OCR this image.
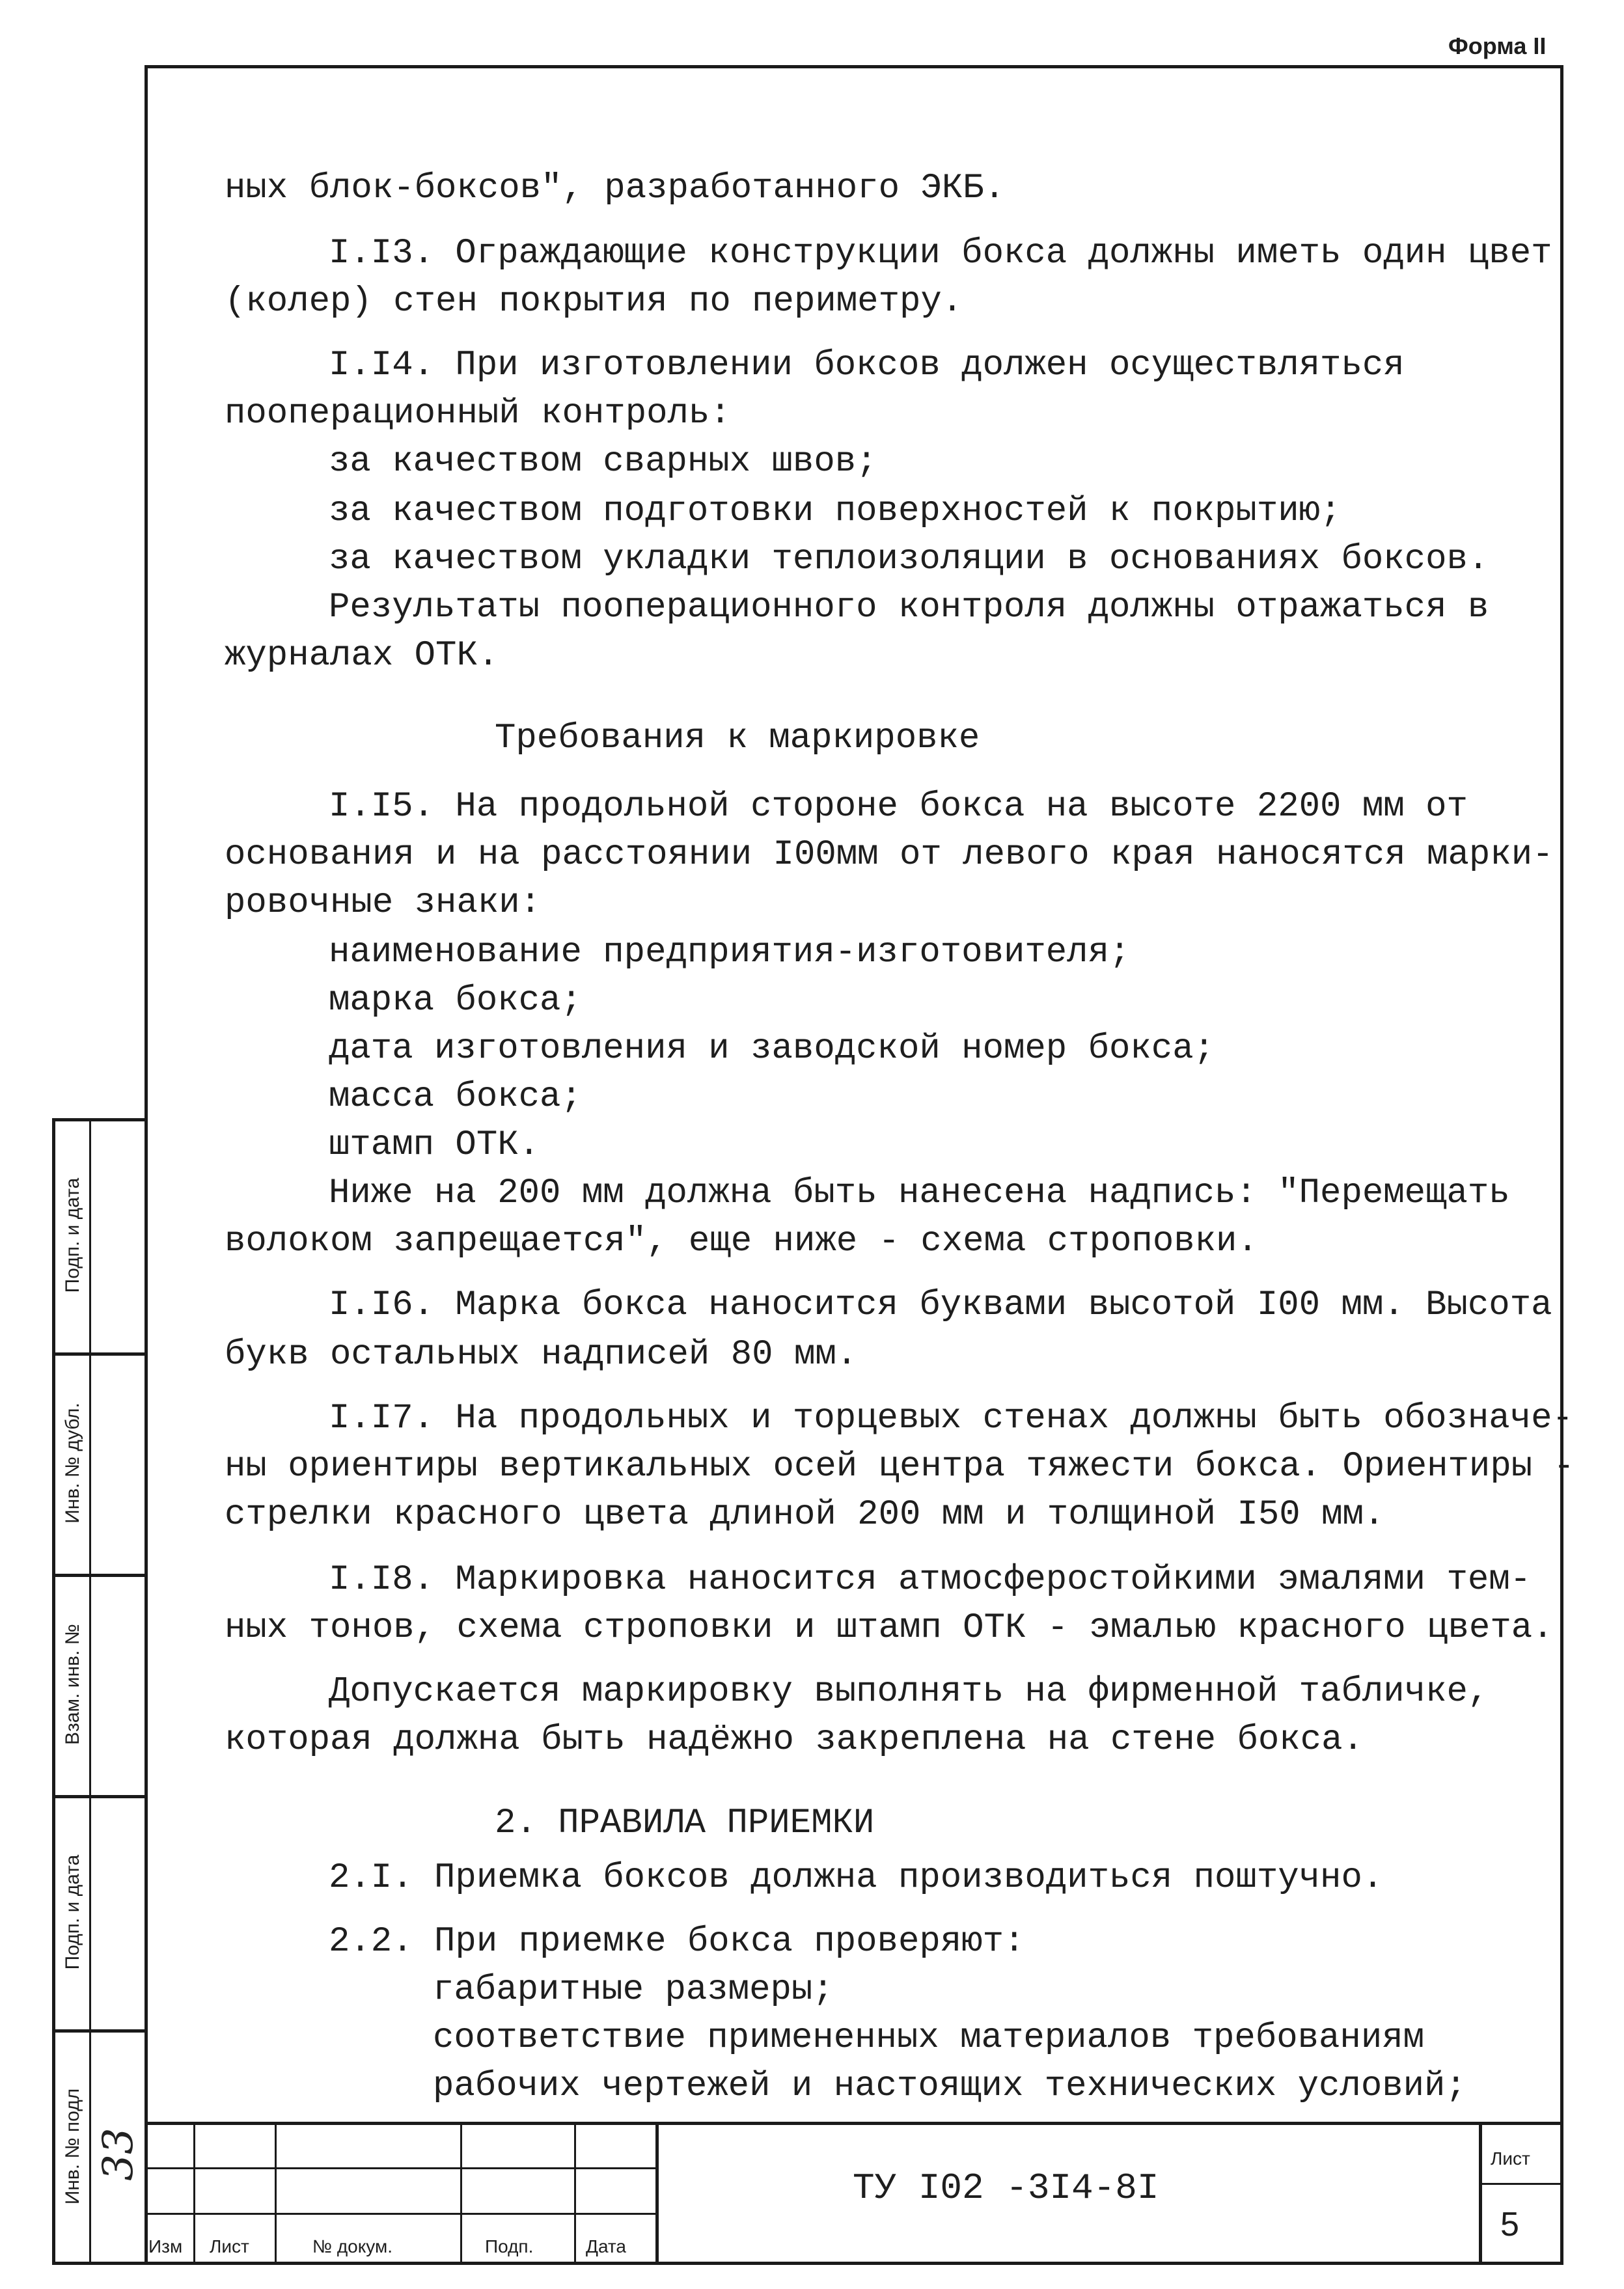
Форма II
ных блок-боксов", разработанного ЭКБ.
I.I3. Ограждающие конструкции бокса должны иметь один цвет
(колер) стен покрытия по периметру.
I.I4. При изготовлении боксов должен осуществляться
пооперационный контроль:
за качеством сварных швов;
за качеством подготовки поверхностей к покрытию;
за качеством укладки теплоизоляции в основаниях боксов.
Результаты пооперационного контроля должны отражаться в
журналах ОТК.
Требования к маркировке
I.I5. На продольной стороне бокса на высоте 2200 мм от
основания и на расстоянии I00мм от левого края наносятся марки-
ровочные знаки:
наименование предприятия-изготовителя;
марка бокса;
дата изготовления и заводской номер бокса;
масса бокса;
штамп ОТК.
Ниже на 200 мм должна быть нанесена надпись: "Перемещать
волоком запрещается", еще ниже - схема строповки.
I.I6. Марка бокса наносится буквами высотой I00 мм. Высота
букв остальных надписей 80 мм.
I.I7. На продольных и торцевых стенах должны быть обозначе-
ны ориентиры вертикальных осей центра тяжести бокса. Ориентиры -
стрелки красного цвета длиной 200 мм и толщиной I50 мм.
I.I8. Маркировка наносится атмосферостойкими эмалями тем-
ных тонов, схема строповки и штамп ОТК - эмалью красного цвета.
Допускается маркировку выполнять на фирменной табличке,
которая должна быть надёжно закреплена на стене бокса.
2. ПРАВИЛА ПРИЕМКИ
2.I. Приемка боксов должна производиться поштучно.
2.2. При приемке бокса проверяют:
габаритные размеры;
соответствие примененных материалов требованиям
рабочих чертежей и настоящих технических условий;
Подп. и дата
Инв. № дубл.
Взам. инв. №
Подп. и дата
Инв. № подл 33
Изм Лист	№ докум.	Подп.	Дата
ТУ I02 -3I4-8I
Лист
5
